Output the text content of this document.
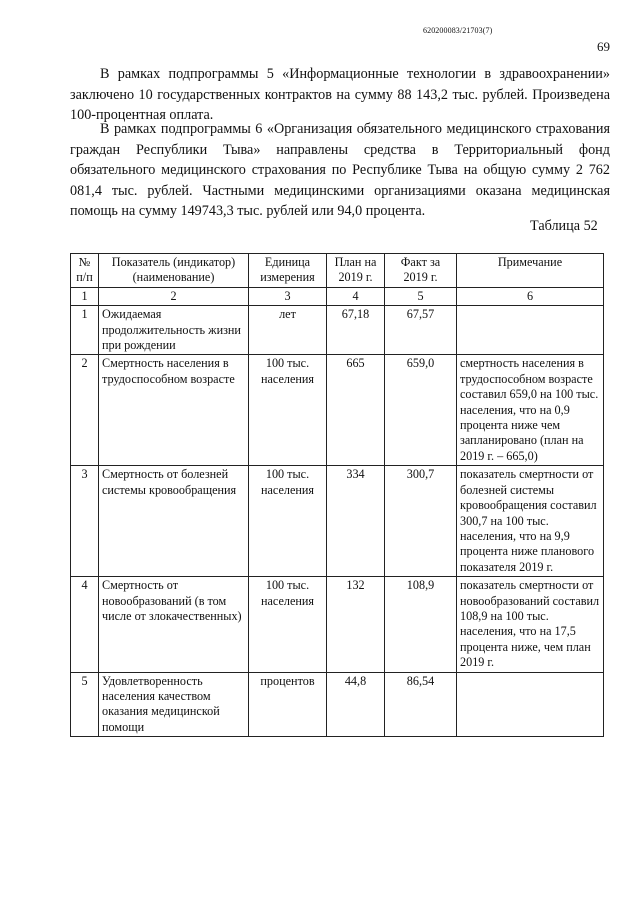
620200083/21703(7)
69

В рамках подпрограммы 5 «Информационные технологии в здравоохранении» заключено 10 государственных контрактов на сумму 88 143,2 тыс. рублей. Произведена 100-процентная оплата.

В рамках подпрограммы 6 «Организация обязательного медицинского страхования граждан Республики Тыва» направлены средства в Территориальный фонд обязательного медицинского страхования по Республике Тыва на общую сумму 2 762 081,4 тыс. рублей. Частными медицинскими организациями оказана медицинская помощь на сумму 149743,3 тыс. рублей или 94,0 процента.

Таблица 52
№ п/п	Показатель (индикатор) (наименование)	Единица измерения	План на 2019 г.	Факт за 2019 г.	Примечание
1	2	3	4	5	6
1	Ожидаемая продолжительность жизни при рождении	лет	67,18	67,57	
2	Смертность населения в трудоспособном возрасте	100 тыс. населения	665	659,0	смертность населения в трудоспособном возрасте составил 659,0 на 100 тыс. населения, что на 0,9 процента ниже чем запланировано (план на 2019 г. – 665,0)
3	Смертность от болезней системы кровообращения	100 тыс. населения	334	300,7	показатель смертности от болезней системы кровообращения составил 300,7 на 100 тыс. населения, что на 9,9 процента ниже планового показателя 2019 г.
4	Смертность от новообразований (в том числе от злокачественных)	100 тыс. населения	132	108,9	показатель смертности от новообразований составил 108,9 на 100 тыс. населения, что на 17,5 процента ниже, чем план 2019 г.
5	Удовлетворенность населения качеством оказания медицинской помощи	процентов	44,8	86,54	
